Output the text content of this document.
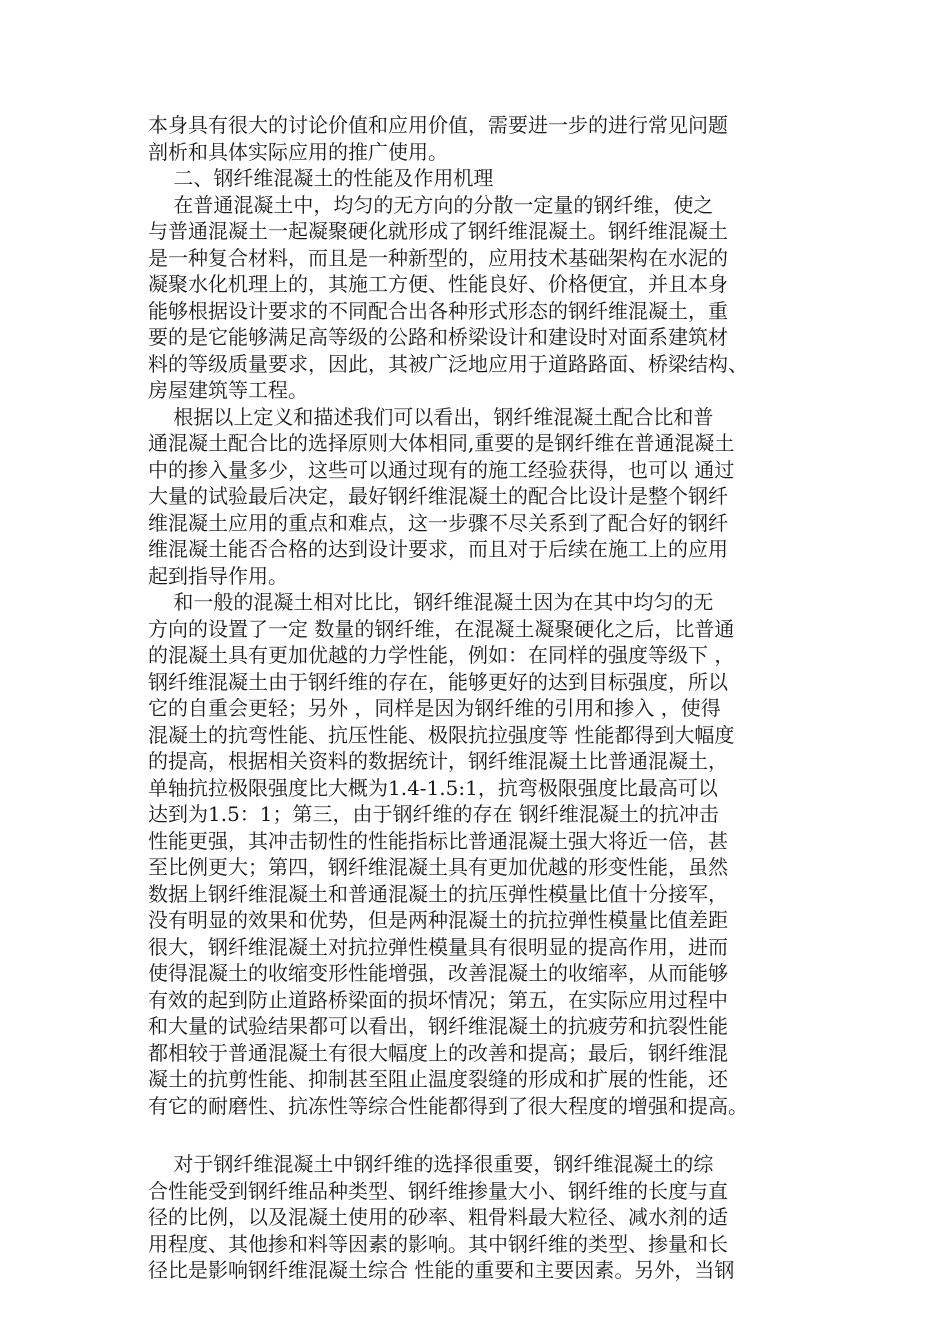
本身具有很大的讨论价值和应用价值，需要进一步的进行常见问题
剖析和具体实际应用的推广使用。
二、钢纤维混凝土的性能及作用机理
在普通混凝土中，均匀的无方向的分散一定量的钢纤维，使之
与普通混凝土一起凝聚硬化就形成了钢纤维混凝土。钢纤维混凝土
是一种复合材料，而且是一种新型的，应用技术基础架构在水泥的
凝聚水化机理上的，其施工方便、性能良好、价格便宜，并且本身
能够根据设计要求的不同配合出各种形式形态的钢纤维混凝土，重
要的是它能够满足高等级的公路和桥梁设计和建设时对面系建筑材
料的等级质量要求，因此，其被广泛地应用于道路路面、桥梁结构、
房屋建筑等工程。
根据以上定义和描述我们可以看出，钢纤维混凝土配合比和普
通混凝土配合比的选择原则大体相同,重要的是钢纤维在普通混凝土
中的掺入量多少，这些可以通过现有的施工经验获得，也可以 通过
大量的试验最后决定，最好钢纤维混凝土的配合比设计是整个钢纤
维混凝土应用的重点和难点，这一步骤不尽关系到了配合好的钢纤
维混凝土能否合格的达到设计要求，而且对于后续在施工上的应用
起到指导作用。
和一般的混凝土相对比比，钢纤维混凝土因为在其中均匀的无
方向的设置了一定 数量的钢纤维，在混凝土凝聚硬化之后，比普通
的混凝土具有更加优越的力学性能，例如：在同样的强度等级下 ，
钢纤维混凝土由于钢纤维的存在，能够更好的达到目标强度，所以
它的自重会更轻；另外 ，同样是因为钢纤维的引用和掺入 ，使得
混凝土的抗弯性能、抗压性能、极限抗拉强度等 性能都得到大幅度
的提高，根据相关资料的数据统计，钢纤维混凝土比普通混凝土，
单轴抗拉极限强度比大概为1.4-1.5:1，抗弯极限强度比最高可以
达到为1.5：1；第三，由于钢纤维的存在 钢纤维混凝土的抗冲击
性能更强，其冲击韧性的性能指标比普通混凝土强大将近一倍，甚
至比例更大；第四，钢纤维混凝土具有更加优越的形变性能，虽然
数据上钢纤维混凝土和普通混凝土的抗压弹性模量比值十分接军，
没有明显的效果和优势，但是两种混凝土的抗拉弹性模量比值差距
很大，钢纤维混凝土对抗拉弹性模量具有很明显的提高作用，进而
使得混凝土的收缩变形性能增强，改善混凝土的收缩率，从而能够
有效的起到防止道路桥梁面的损坏情况；第五，在实际应用过程中
和大量的试验结果都可以看出，钢纤维混凝土的抗疲劳和抗裂性能
都相较于普通混凝土有很大幅度上的改善和提高；最后，钢纤维混
凝土的抗剪性能、抑制甚至阻止温度裂缝的形成和扩展的性能，还
有它的耐磨性、抗冻性等综合性能都得到了很大程度的增强和提高。
对于钢纤维混凝土中钢纤维的选择很重要，钢纤维混凝土的综
合性能受到钢纤维品种类型、钢纤维掺量大小、钢纤维的长度与直
径的比例，以及混凝土使用的砂率、粗骨料最大粒径、减水剂的适
用程度、其他掺和料等因素的影响。其中钢纤维的类型、掺量和长
径比是影响钢纤维混凝土综合 性能的重要和主要因素。另外，当钢
